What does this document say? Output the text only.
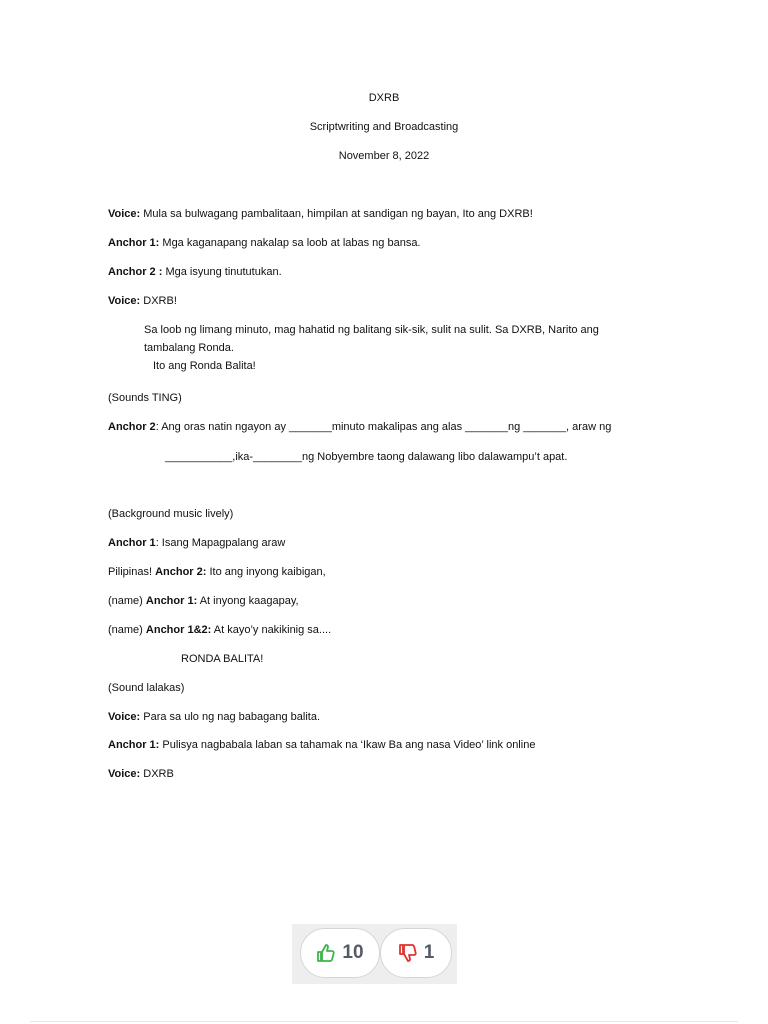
DXRB
Scriptwriting and Broadcasting
November 8, 2022
Voice: Mula sa bulwagang pambalitaan, himpilan at sandigan ng bayan, Ito ang DXRB!
Anchor 1: Mga kaganapang nakalap sa loob at labas ng bansa.
Anchor 2 : Mga isyung tinututukan.
Voice: DXRB!
Sa loob ng limang minuto, mag hahatid ng balitang sik-sik, sulit na sulit. Sa DXRB, Narito ang
tambalang Ronda.
Ito ang Ronda Balita!
(Sounds TING)
Anchor 2: Ang oras natin ngayon ay _______minuto makalipas ang alas _______ng _______, araw ng
___________,ika-________ng Nobyembre taong dalawang libo dalawampu’t apat.
(Background music lively)
Anchor 1: Isang Mapagpalang araw
Pilipinas! Anchor 2: Ito ang inyong kaibigan,
(name) Anchor 1: At inyong kaagapay,
(name) Anchor 1&2: At kayo’y nakikinig sa....
RONDA BALITA!
(Sound lalakas)
Voice: Para sa ulo ng nag babagang balita.
Anchor 1: Pulisya nagbabala laban sa tahamak na ‘Ikaw Ba ang nasa Video’ link online
Voice: DXRB
10	1
